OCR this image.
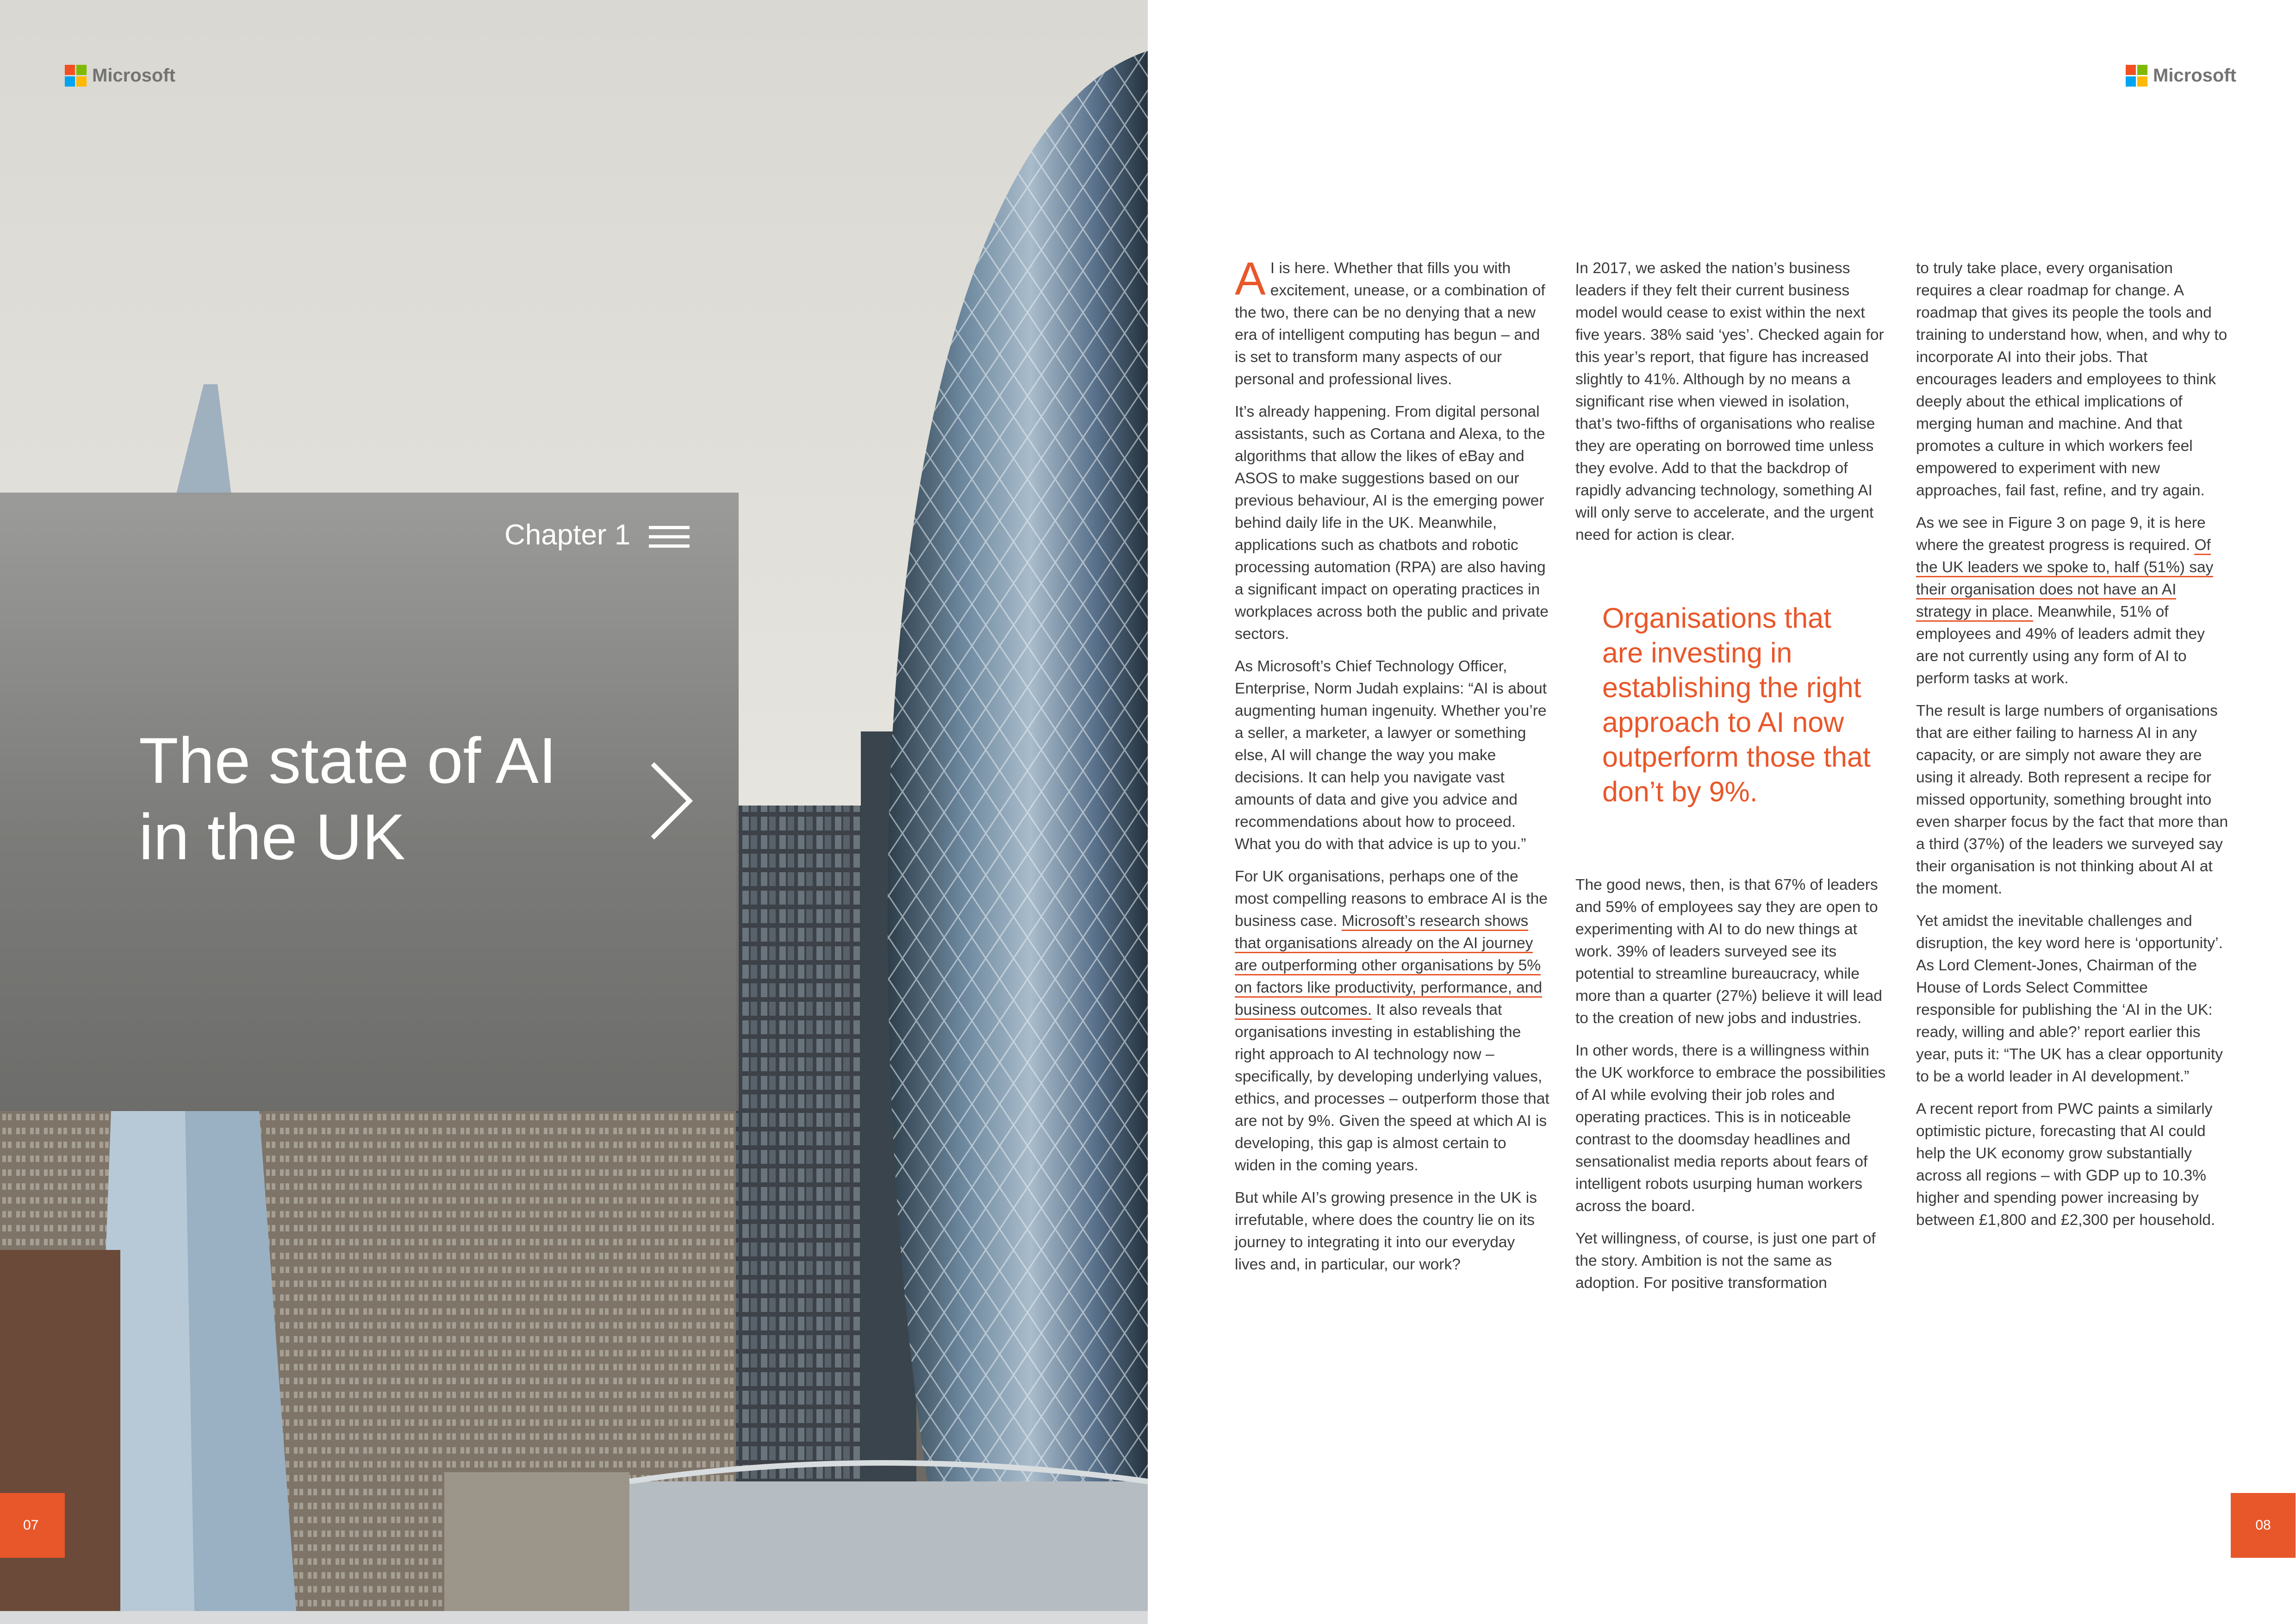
Microsoft
Chapter 1
The state of AI
in the UK
07
Microsoft
08

A I is here. Whether that fills you with excitement, unease, or a combination of the two, there can be no denying that a new era of intelligent computing has begun – and is set to transform many aspects of our personal and professional lives.

It’s already happening. From digital personal assistants, such as Cortana and Alexa, to the algorithms that allow the likes of eBay and ASOS to make suggestions based on our previous behaviour, AI is the emerging power behind daily life in the UK. Meanwhile, applications such as chatbots and robotic processing automation (RPA) are also having a significant impact on operating practices in workplaces across both the public and private sectors.

As Microsoft’s Chief Technology Officer, Enterprise, Norm Judah explains: “AI is about augmenting human ingenuity. Whether you’re a seller, a marketer, a lawyer or something else, AI will change the way you make decisions. It can help you navigate vast amounts of data and give you advice and recommendations about how to proceed. What you do with that advice is up to you.”

For UK organisations, perhaps one of the most compelling reasons to embrace AI is the business case. Microsoft’s research shows that organisations already on the AI journey are outperforming other organisations by 5% on factors like productivity, performance, and business outcomes. It also reveals that organisations investing in establishing the right approach to AI technology now – specifically, by developing underlying values, ethics, and processes – outperform those that are not by 9%. Given the speed at which AI is developing, this gap is almost certain to widen in the coming years.

But while AI’s growing presence in the UK is irrefutable, where does the country lie on its journey to integrating it into our everyday lives and, in particular, our work?

In 2017, we asked the nation’s business leaders if they felt their current business model would cease to exist within the next five years. 38% said ‘yes’. Checked again for this year’s report, that figure has increased slightly to 41%. Although by no means a significant rise when viewed in isolation, that’s two-fifths of organisations who realise they are operating on borrowed time unless they evolve. Add to that the backdrop of rapidly advancing technology, something AI will only serve to accelerate, and the urgent need for action is clear.

Organisations that are investing in establishing the right approach to AI now outperform those that don’t by 9%.

The good news, then, is that 67% of leaders and 59% of employees say they are open to experimenting with AI to do new things at work. 39% of leaders surveyed see its potential to streamline bureaucracy, while more than a quarter (27%) believe it will lead to the creation of new jobs and industries.

In other words, there is a willingness within the UK workforce to embrace the possibilities of AI while evolving their job roles and operating practices. This is in noticeable contrast to the doomsday headlines and sensationalist media reports about fears of intelligent robots usurping human workers across the board.

Yet willingness, of course, is just one part of the story. Ambition is not the same as adoption. For positive transformation

to truly take place, every organisation requires a clear roadmap for change. A roadmap that gives its people the tools and training to understand how, when, and why to incorporate AI into their jobs. That encourages leaders and employees to think deeply about the ethical implications of merging human and machine. And that promotes a culture in which workers feel empowered to experiment with new approaches, fail fast, refine, and try again.

As we see in Figure 3 on page 9, it is here where the greatest progress is required. Of the UK leaders we spoke to, half (51%) say their organisation does not have an AI strategy in place. Meanwhile, 51% of employees and 49% of leaders admit they are not currently using any form of AI to perform tasks at work.

The result is large numbers of organisations that are either failing to harness AI in any capacity, or are simply not aware they are using it already. Both represent a recipe for missed opportunity, something brought into even sharper focus by the fact that more than a third (37%) of the leaders we surveyed say their organisation is not thinking about AI at the moment.

Yet amidst the inevitable challenges and disruption, the key word here is ‘opportunity’. As Lord Clement-Jones, Chairman of the House of Lords Select Committee responsible for publishing the ‘AI in the UK: ready, willing and able?’ report earlier this year, puts it: “The UK has a clear opportunity to be a world leader in AI development.”

A recent report from PWC paints a similarly optimistic picture, forecasting that AI could help the UK economy grow substantially across all regions – with GDP up to 10.3% higher and spending power increasing by between £1,800 and £2,300 per household.
